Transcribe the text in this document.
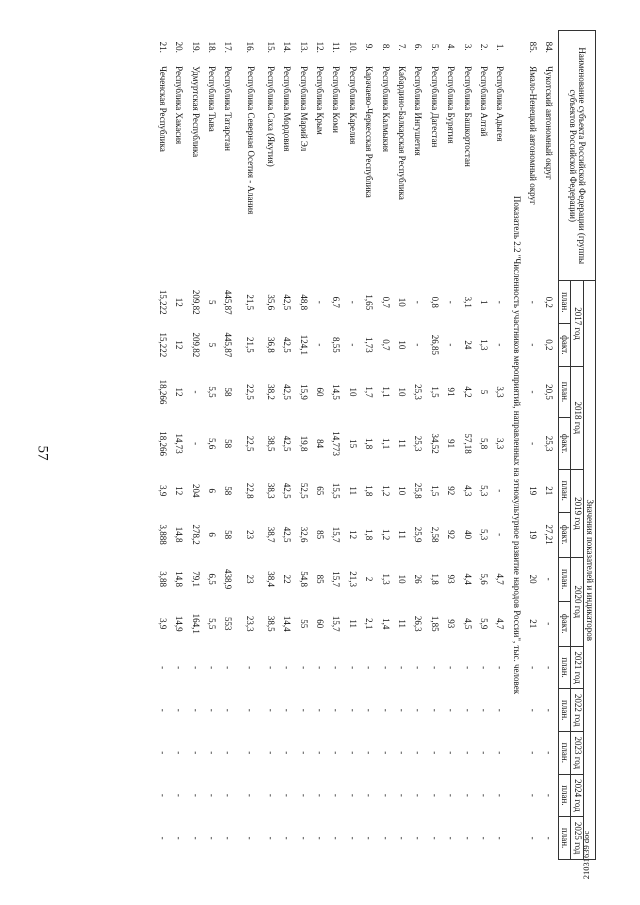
57
21031639 doc
Наименование субъекта Российской Федерации (группы субъектов Российской Федерации)		Значения показателей и индикаторов												
		2017 год		2018 год		2019 год		2020 год		2021 год	2022 год	2023 год	2024 год	2025 год
		план.	факт.	план.	факт.	план.	факт.	план.	факт.	план.	план.	план.	план.	план.
84.	Чукотский автономный округ	0,2	0,2	20,5	25,3	21	27,21	-	-	-	-	-	-	-
85.	Ямало-Ненецкий автономный округ	-	-	-	-	19	19	20	21	-	-	-	-	-
Показатель 2.2 "Численность участников мероприятий, направленных на этнокультурное развитие народов России", тыс. человек														
1.	Республика Адыгея	-	-	3,3	3,3	-	-	4,7	4,7	-	-	-	-	-
2.	Республика Алтай	1	1,3	5	5,8	5,3	5,3	5,6	5,9	-	-	-	-	-
3.	Республика Башкортостан	3,1	24	4,2	57,18	4,3	40	4,4	4,5	-	-	-	-	-
4.	Республика Бурятия	-	-	91	91	92	92	93	93	-	-	-	-	-
5.	Республика Дагестан	0,8	26,85	1,5	34,52	1,5	2,58	1,8	1,85	-	-	-	-	-
6.	Республика Ингушетия	-	-	25,3	25,3	25,8	25,9	26	26,3	-	-	-	-	-
7.	Кабардино-Балкарская Республика	10	10	10	11	10	11	10	11	-	-	-	-	-
8.	Республика Калмыкия	0,7	0,7	1,1	1,1	1,2	1,2	1,3	1,4	-	-	-	-	-
9.	Карачаево-Черкесская Республика	1,65	1,73	1,7	1,8	1,8	1,8	2	2,1	-	-	-	-	-
10.	Республика Карелия	-	-	10	15	11	12	21,3	11	-	-	-	-	-
11.	Республика Коми	6,7	8,55	14,5	14,773	15,5	15,7	15,7	15,7	-	-	-	-	-
12.	Республика Крым	-	-	60	84	65	85	85	60	-	-	-	-	-
13.	Республика Марий Эл	48,8	124,1	15,9	19,8	52,5	32,6	54,8	55	-	-	-	-	-
14.	Республика Мордовия	42,5	42,5	42,5	42,5	42,5	42,5	22	14,4	-	-	-	-	-
15.	Республика Саха (Якутия)	35,6	36,8	38,2	38,5	38,3	38,7	38,4	38,5	-	-	-	-	-
16.	Республика Северная Осетия - Алания	21,5	21,5	22,5	22,5	22,8	23	23	23,3	-	-	-	-	-
17.	Республика Татарстан	445,87	445,87	58	58	58	58	438,9	553	-	-	-	-	-
18.	Республика Тыва	5	5	5,5	5,6	6	6	6,5	5,5	-	-	-	-	-
19.	Удмуртская Республика	209,82	209,82	-	-	204	278,2	79,1	164,1	-	-	-	-	-
20.	Республика Хакасия	12	12	12	14,73	12	14,8	14,8	14,9	-	-	-	-	-
21.	Чеченская Республика	15,222	15,222	18,266	18,266	3,9	3,888	3,88	3,9	-	-	-	-	-
